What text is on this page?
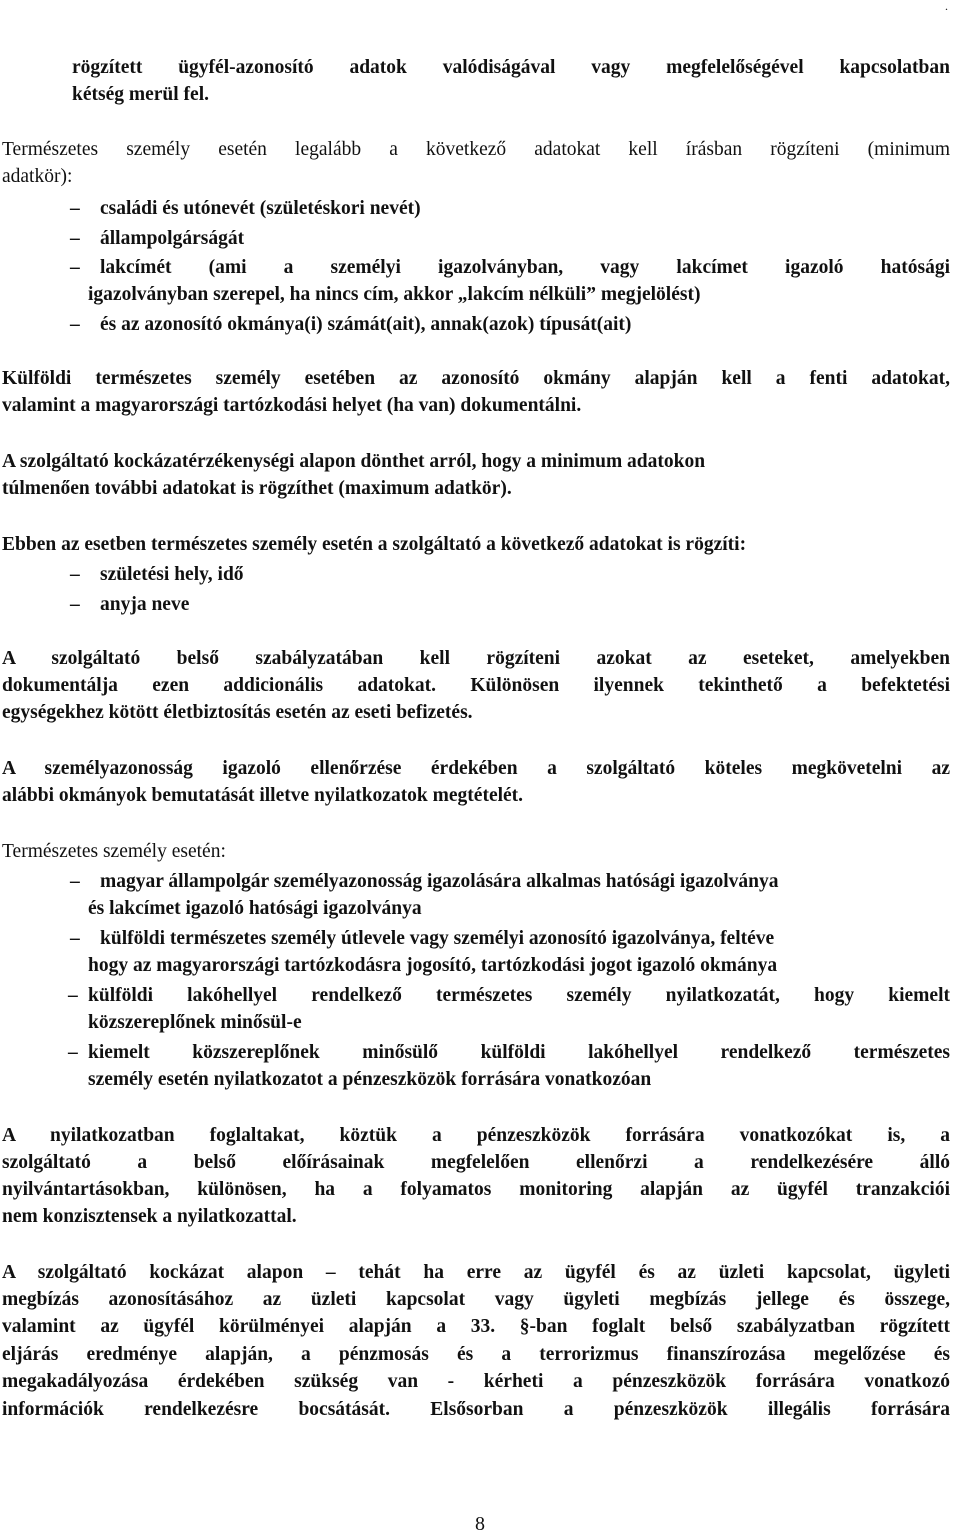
.
rögzített ügyfél-azonosító adatok valódiságával vagy megfelelőségével kapcsolatban
kétség merül fel.
Természetes személy esetén legalább a következő adatokat kell írásban rögzíteni (minimum
adatkör):
– családi és utónevét (születéskori nevét)
– állampolgárságát
– lakcímét (ami a személyi igazolványban, vagy lakcímet igazoló hatósági
igazolványban szerepel, ha nincs cím, akkor „lakcím nélküli” megjelölést)
– és az azonosító okmánya(i) számát(ait), annak(azok) típusát(ait)
Külföldi természetes személy esetében az azonosító okmány alapján kell a fenti adatokat,
valamint a magyarországi tartózkodási helyet (ha van) dokumentálni.
A szolgáltató kockázatérzékenységi alapon dönthet arról, hogy a minimum adatokon
túlmenően további adatokat is rögzíthet (maximum adatkör).
Ebben az esetben természetes személy esetén a szolgáltató a következő adatokat is rögzíti:
– születési hely, idő
– anyja neve
A szolgáltató belső szabályzatában kell rögzíteni azokat az eseteket, amelyekben
dokumentálja ezen addicionális adatokat. Különösen ilyennek tekinthető a befektetési
egységekhez kötött életbiztosítás esetén az eseti befizetés.
A személyazonosság igazoló ellenőrzése érdekében a szolgáltató köteles megkövetelni az
alábbi okmányok bemutatását illetve nyilatkozatok megtételét.
Természetes személy esetén:
– magyar állampolgár személyazonosság igazolására alkalmas hatósági igazolványa
és lakcímet igazoló hatósági igazolványa
– külföldi természetes személy útlevele vagy személyi azonosító igazolványa, feltéve
hogy az magyarországi tartózkodásra jogosító, tartózkodási jogot igazoló okmánya
– külföldi lakóhellyel rendelkező természetes személy nyilatkozatát, hogy kiemelt
közszereplőnek minősül-e
– kiemelt közszereplőnek minősülő külföldi lakóhellyel rendelkező természetes
személy esetén nyilatkozatot a pénzeszközök forrására vonatkozóan
A nyilatkozatban foglaltakat, köztük a pénzeszközök forrására vonatkozókat is, a
szolgáltató a belső előírásainak megfelelően ellenőrzi a rendelkezésére álló
nyilvántartásokban, különösen, ha a folyamatos monitoring alapján az ügyfél tranzakciói
nem konzisztensek a nyilatkozattal.
A szolgáltató kockázat alapon – tehát ha erre az ügyfél és az üzleti kapcsolat, ügyleti
megbízás azonosításához az üzleti kapcsolat vagy ügyleti megbízás jellege és összege,
valamint az ügyfél körülményei alapján a 33. §-ban foglalt belső szabályzatban rögzített
eljárás eredménye alapján, a pénzmosás és a terrorizmus finanszírozása megelőzése és
megakadályozása érdekében szükség van - kérheti a pénzeszközök forrására vonatkozó
információk rendelkezésre bocsátását. Elsősorban a pénzeszközök illegális forrására
8
